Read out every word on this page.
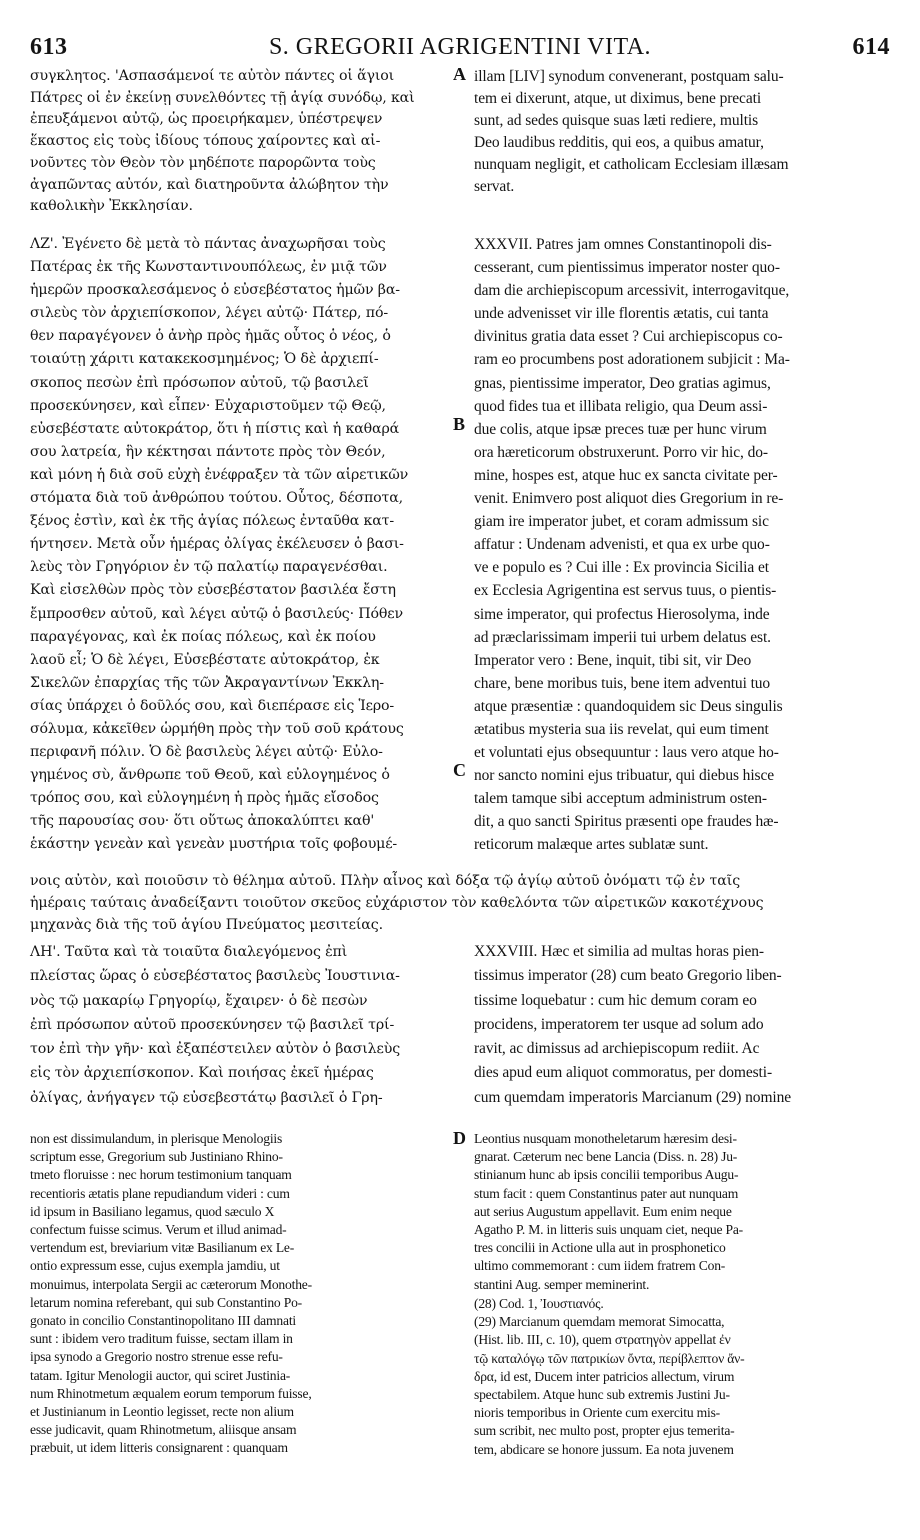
613	S. GREGORII AGRIGENTINI VITA.	614
συγκλητος. 'Ασπασάμενοί τε αὐτὸν πάντες οἱ ἅγιοι
Πάτρες οἱ ἐν ἐκείνῃ συνελθόντες τῇ ἁγίᾳ συνόδῳ, καὶ
ἐπευξάμενοι αὐτῷ, ὡς προειρήκαμεν, ὑπέστρεψεν
ἕκαστος εἰς τοὺς ἰδίους τόπους χαίροντες καὶ αἰ-
νοῦντες τὸν Θεὸν τὸν μηδέποτε παρορῶντα τοὺς
ἀγαπῶντας αὐτόν, καὶ διατηροῦντα ἀλώβητον τὴν
καθολικὴν Ἐκκλησίαν.
illam [LIV] synodum convenerant, postquam salu-
tem ei dixerunt, atque, ut diximus, bene precati
sunt, ad sedes quisque suas læti rediere, multis
Deo laudibus redditis, qui eos, a quibus amatur,
nunquam negligit, et catholicam Ecclesiam illæsam
servat.
ΛΖ'. Ἐγένετο δὲ μετὰ τὸ πάντας ἀναχωρῆσαι τοὺς
Πατέρας ἐκ τῆς Κωνσταντινουπόλεως, ἐν μιᾷ τῶν
ἡμερῶν προσκαλεσάμενος ὁ εὐσεβέστατος ἡμῶν βα-
σιλεὺς τὸν ἀρχιεπίσκοπον, λέγει αὐτῷ· Πάτερ, πό-
θεν παραγέγονεν ὁ ἀνὴρ πρὸς ἡμᾶς οὗτος ὁ νέος, ὁ
τοιαύτῃ χάριτι κατακεκοσμημένος; Ὁ δὲ ἀρχιεπί-
σκοπος πεσὼν ἐπὶ πρόσωπον αὐτοῦ, τῷ βασιλεῖ
προσεκύνησεν, καὶ εἶπεν· Εὐχαριστοῦμεν τῷ Θεῷ,
εὐσεβέστατε αὐτοκράτορ, ὅτι ἡ πίστις καὶ ἡ καθαρά
σου λατρεία, ἣν κέκτησαι πάντοτε πρὸς τὸν Θεόν,
καὶ μόνη ἡ διὰ σοῦ εὐχὴ ἐνέφραξεν τὰ τῶν αἱρετικῶν
στόματα διὰ τοῦ ἀνθρώπου τούτου. Οὗτος, δέσποτα,
ξένος ἐστὶν, καὶ ἐκ τῆς ἁγίας πόλεως ἐνταῦθα κατ-
ήντησεν. Μετὰ οὖν ἡμέρας ὀλίγας ἐκέλευσεν ὁ βασι-
λεὺς τὸν Γρηγόριον ἐν τῷ παλατίῳ παραγενέσθαι.
Καὶ εἰσελθὼν πρὸς τὸν εὐσεβέστατον βασιλέα ἔστη
ἔμπροσθεν αὐτοῦ, καὶ λέγει αὐτῷ ὁ βασιλεύς· Πόθεν
παραγέγονας, καὶ ἐκ ποίας πόλεως, καὶ ἐκ ποίου
λαοῦ εἶ; Ὁ δὲ λέγει, Εὐσεβέστατε αὐτοκράτορ, ἐκ
Σικελῶν ἐπαρχίας τῆς τῶν Ἀκραγαντίνων Ἐκκλη-
σίας ὑπάρχει ὁ δοῦλός σου, καὶ διεπέρασε εἰς Ἱερο-
σόλυμα, κἀκεῖθεν ὡρμήθη πρὸς τὴν τοῦ σοῦ κράτους
περιφανῆ πόλιν. Ὁ δὲ βασιλεὺς λέγει αὐτῷ· Εὐλο-
γημένος σὺ, ἄνθρωπε τοῦ Θεοῦ, καὶ εὐλογημένος ὁ
τρόπος σου, καὶ εὐλογημένη ἡ πρὸς ἡμᾶς εἴσοδος
τῆς παρουσίας σου· ὅτι οὕτως ἀποκαλύπτει καθ'
ἑκάστην γενεὰν καὶ γενεὰν μυστήρια τοῖς φοβουμέ-
XXXVII. Patres jam omnes Constantinopoli dis-
cesserant, cum pientissimus imperator noster quo-
dam die archiepiscopum arcessivit, interrogavitque,
unde advenisset vir ille florentis ætatis, cui tanta
divinitus gratia data esset ? Cui archiepiscopus co-
ram eo procumbens post adorationem subjicit : Ma-
gnas, pientissime imperator, Deo gratias agimus,
quod fides tua et illibata religio, qua Deum assi-
due colis, atque ipsæ preces tuæ per hunc virum
ora hæreticorum obstruxerunt. Porro vir hic, do-
mine, hospes est, atque huc ex sancta civitate per-
venit. Enimvero post aliquot dies Gregorium in re-
giam ire imperator jubet, et coram admissum sic
affatur : Undenam advenisti, et qua ex urbe quo-
ve e populo es ? Cui ille : Ex provincia Sicilia et
ex Ecclesia Agrigentina est servus tuus, o pientis-
sime imperator, qui profectus Hierosolyma, inde
ad præclarissimam imperii tui urbem delatus est.
Imperator vero : Bene, inquit, tibi sit, vir Deo
chare, bene moribus tuis, bene item adventui tuo
atque præsentiæ : quandoquidem sic Deus singulis
ætatibus mysteria sua iis revelat, qui eum timent
et voluntati ejus obsequuntur : laus vero atque ho-
nor sancto nomini ejus tribuatur, qui diebus hisce
talem tamque sibi acceptum administrum osten-
dit, a quo sancti Spiritus præsenti ope fraudes hæ-
reticorum malæque artes sublatæ sunt.
νοις αὐτὸν, καὶ ποιοῦσιν τὸ θέλημα αὐτοῦ. Πλὴν αἶνος καὶ δόξα τῷ ἁγίῳ αὐτοῦ ὀνόματι τῷ ἐν ταῖς
ἡμέραις ταύταις ἀναδείξαντι τοιοῦτον σκεῦος εὐχάριστον τὸν καθελόντα τῶν αἱρετικῶν κακοτέχνους
μηχανὰς διὰ τῆς τοῦ ἁγίου Πνεύματος μεσιτείας.
ΛΗ'. Ταῦτα καὶ τὰ τοιαῦτα διαλεγόμενος ἐπὶ
πλείστας ὥρας ὁ εὐσεβέστατος βασιλεὺς Ἰουστινια-
νὸς τῷ μακαρίῳ Γρηγορίῳ, ἔχαιρεν· ὁ δὲ πεσὼν
ἐπὶ πρόσωπον αὐτοῦ προσεκύνησεν τῷ βασιλεῖ τρί-
τον ἐπὶ τὴν γῆν· καὶ ἐξαπέστειλεν αὐτὸν ὁ βασιλεὺς
εἰς τὸν ἀρχιεπίσκοπον. Καὶ ποιήσας ἐκεῖ ἡμέρας
ὀλίγας, ἀνήγαγεν τῷ εὐσεβεστάτῳ βασιλεῖ ὁ Γρη-
XXXVIII. Hæc et similia ad multas horas pien-
tissimus imperator (28) cum beato Gregorio liben-
tissime loquebatur : cum hic demum coram eo
procidens, imperatorem ter usque ad solum ado
ravit, ac dimissus ad archiepiscopum rediit. Ac
dies apud eum aliquot commoratus, per domesti-
cum quemdam imperatoris Marcianum (29) nomine
non est dissimulandum, in plerisque Menologiis
scriptum esse, Gregorium sub Justiniano Rhino-
tmeto floruisse : nec horum testimonium tanquam
recentioris ætatis plane repudiandum videri : cum
id ipsum in Basiliano legamus, quod sæculo X
confectum fuisse scimus. Verum et illud animad-
vertendum est, breviarium vitæ Basilianum ex Le-
ontio expressum esse, cujus exempla jamdiu, ut
monuimus, interpolata Sergii ac cæterorum Monothe-
letarum nomina referebant, qui sub Constantino Po-
gonato in concilio Constantinopolitano III damnati
sunt : ibidem vero traditum fuisse, sectam illam in
ipsa synodo a Gregorio nostro strenue esse refu-
tatam. Igitur Menologii auctor, qui sciret Justinia-
num Rhinotmetum æqualem eorum temporum fuisse,
et Justinianum in Leontio legisset, recte non alium
esse judicavit, quam Rhinotmetum, aliisque ansam
præbuit, ut idem litteris consignarent : quanquam
Leontius nusquam monotheletarum hæresim desi-
gnarat. Cæterum nec bene Lancia (Diss. n. 28) Ju-
stinianum hunc ab ipsis concilii temporibus Augu-
stum facit : quem Constantinus pater aut nunquam
aut serius Augustum appellavit. Eum enim neque
Agatho P. M. in litteris suis unquam ciet, neque Pa-
tres concilii in Actione ulla aut in prosphonetico
ultimo commemorant : cum iidem fratrem Con-
stantini Aug. semper meminerint.
(28) Cod. 1, Ἰουστιανός.
(29) Marcianum quemdam memorat Simocatta,
(Hist. lib. III, c. 10), quem στρατηγὸν appellat ἐν
τῷ καταλόγῳ τῶν πατρικίων ὄντα, περίβλεπτον ἄν-
δρα, id est, Ducem inter patricios allectum, virum
spectabilem. Atque hunc sub extremis Justini Ju-
nioris temporibus in Oriente cum exercitu mis-
sum scribit, nec multo post, propter ejus temerita-
tem, abdicare se honore jussum. Ea nota juvenem
A
B
C
D
